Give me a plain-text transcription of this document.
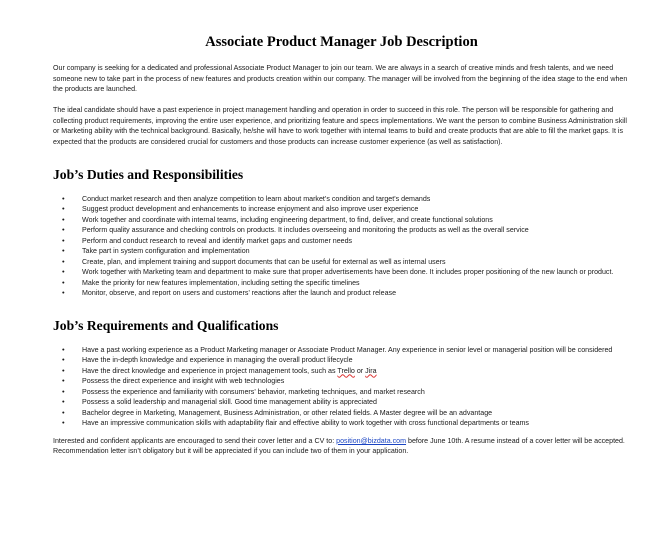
Associate Product Manager Job Description

Our company is seeking for a dedicated and professional Associate Product Manager to join our team. We are always in a search of creative minds and fresh talents, and we need someone new to take part in the process of new features and products creation within our company. The manager will be involved from the beginning of the idea stage to the end when the products are launched.

The ideal candidate should have a past experience in project management handling and operation in order to succeed in this role. The person will be responsible for gathering and collecting product requirements, improving the entire user experience, and prioritizing feature and specs implementations. We want the person to combine Business Administration skill or Marketing ability with the technical background. Basically, he/she will have to work together with internal teams to build and create products that are able to fill the market gaps. It is expected that the products are considered crucial for customers and those products can increase customer experience (as well as satisfaction).

Job’s Duties and Responsibilities
• Conduct market research and then analyze competition to learn about market’s condition and target’s demands
• Suggest product development and enhancements to increase enjoyment and also improve user experience
• Work together and coordinate with internal teams, including engineering department, to find, deliver, and create functional solutions
• Perform quality assurance and checking controls on products. It includes overseeing and monitoring the products as well as the overall service
• Perform and conduct research to reveal and identify market gaps and customer needs
• Take part in system configuration and implementation
• Create, plan, and implement training and support documents that can be useful for external as well as internal users
• Work together with Marketing team and department to make sure that proper advertisements have been done. It includes proper positioning of the new launch or product.
• Make the priority for new features implementation, including setting the specific timelines
• Monitor, observe, and report on users and customers’ reactions after the launch and product release
Job’s Requirements and Qualifications
• Have a past working experience as a Product Marketing manager or Associate Product Manager. Any experience in senior level or managerial position will be considered
• Have the in-depth knowledge and experience in managing the overall product lifecycle
• Have the direct knowledge and experience in project management tools, such as Trello or Jira
• Possess the direct experience and insight with web technologies
• Possess the experience and familiarity with consumers’ behavior, marketing techniques, and market research
• Possess a solid leadership and managerial skill. Good time management ability is appreciated
• Bachelor degree in Marketing, Management, Business Administration, or other related fields. A Master degree will be an advantage
• Have an impressive communication skills with adaptability flair and effective ability to work together with cross functional departments or teams

Interested and confident applicants are encouraged to send their cover letter and a CV to: position@bizdata.com before June 10th. A resume instead of a cover letter will be accepted. Recommendation letter isn’t obligatory but it will be appreciated if you can include two of them in your application.
